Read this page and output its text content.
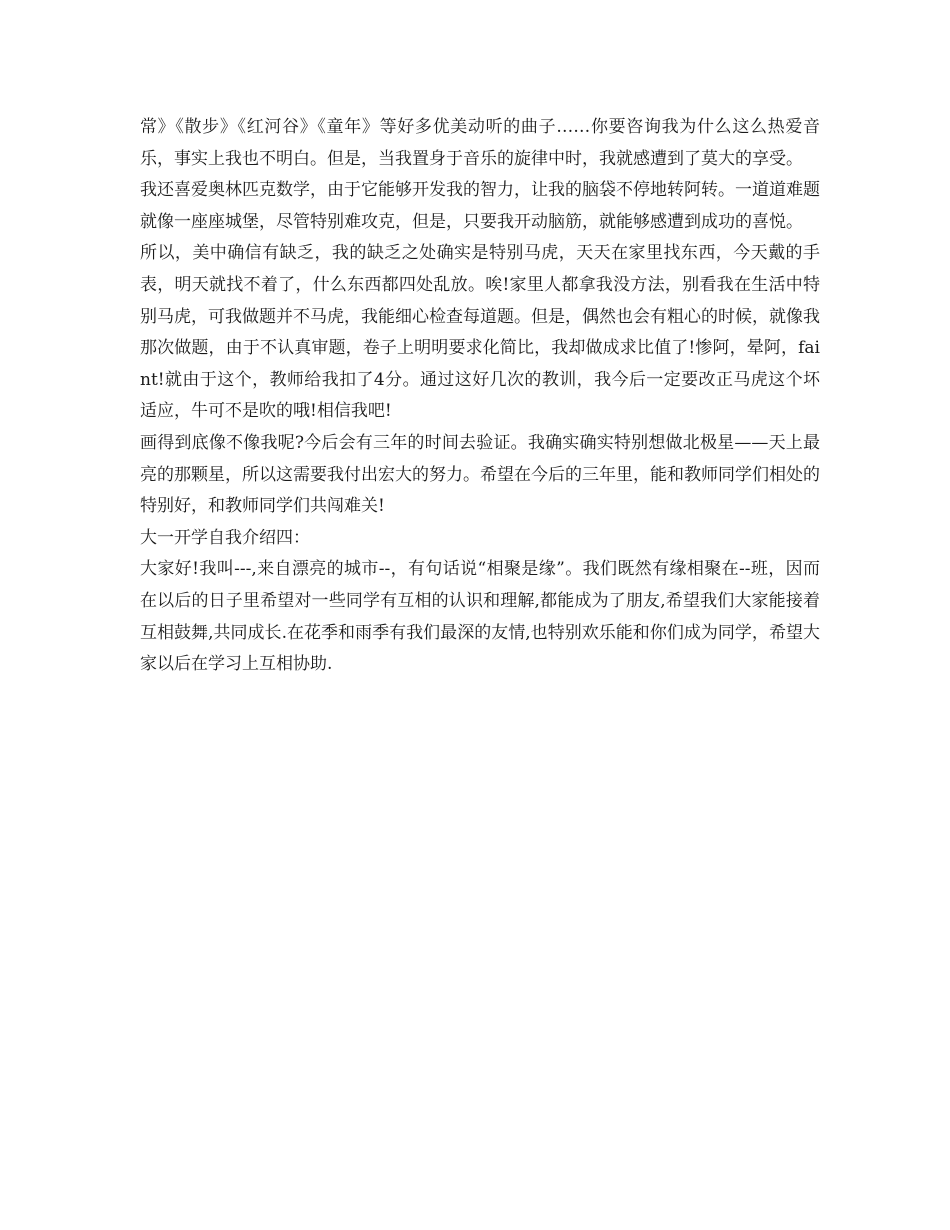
常》《散步》《红河谷》《童年》等好多优美动听的曲子……你要咨询我为什么这么热爱音乐，事实上我也不明白。但是，当我置身于音乐的旋律中时，我就感遭到了莫大的享受。

我还喜爱奥林匹克数学，由于它能够开发我的智力，让我的脑袋不停地转阿转。一道道难题就像一座座城堡，尽管特别难攻克，但是，只要我开动脑筋，就能够感遭到成功的喜悦。

所以，美中确信有缺乏，我的缺乏之处确实是特别马虎，天天在家里找东西，今天戴的手表，明天就找不着了，什么东西都四处乱放。唉!家里人都拿我没方法，别看我在生活中特别马虎，可我做题并不马虎，我能细心检查每道题。但是，偶然也会有粗心的时候，就像我那次做题，由于不认真审题，卷子上明明要求化简比，我却做成求比值了!惨阿，晕阿，faint!就由于这个，教师给我扣了4分。通过这好几次的教训，我今后一定要改正马虎这个坏适应，牛可不是吹的哦!相信我吧!

画得到底像不像我呢?今后会有三年的时间去验证。我确实确实特别想做北极星——天上最亮的那颗星，所以这需要我付出宏大的努力。希望在今后的三年里，能和教师同学们相处的特别好，和教师同学们共闯难关!

大一开学自我介绍四：

大家好!我叫---,来自漂亮的城市--，有句话说“相聚是缘”。我们既然有缘相聚在--班，因而在以后的日子里希望对一些同学有互相的认识和理解,都能成为了朋友,希望我们大家能接着互相鼓舞,共同成长.在花季和雨季有我们最深的友情,也特别欢乐能和你们成为同学，希望大家以后在学习上互相协助.
